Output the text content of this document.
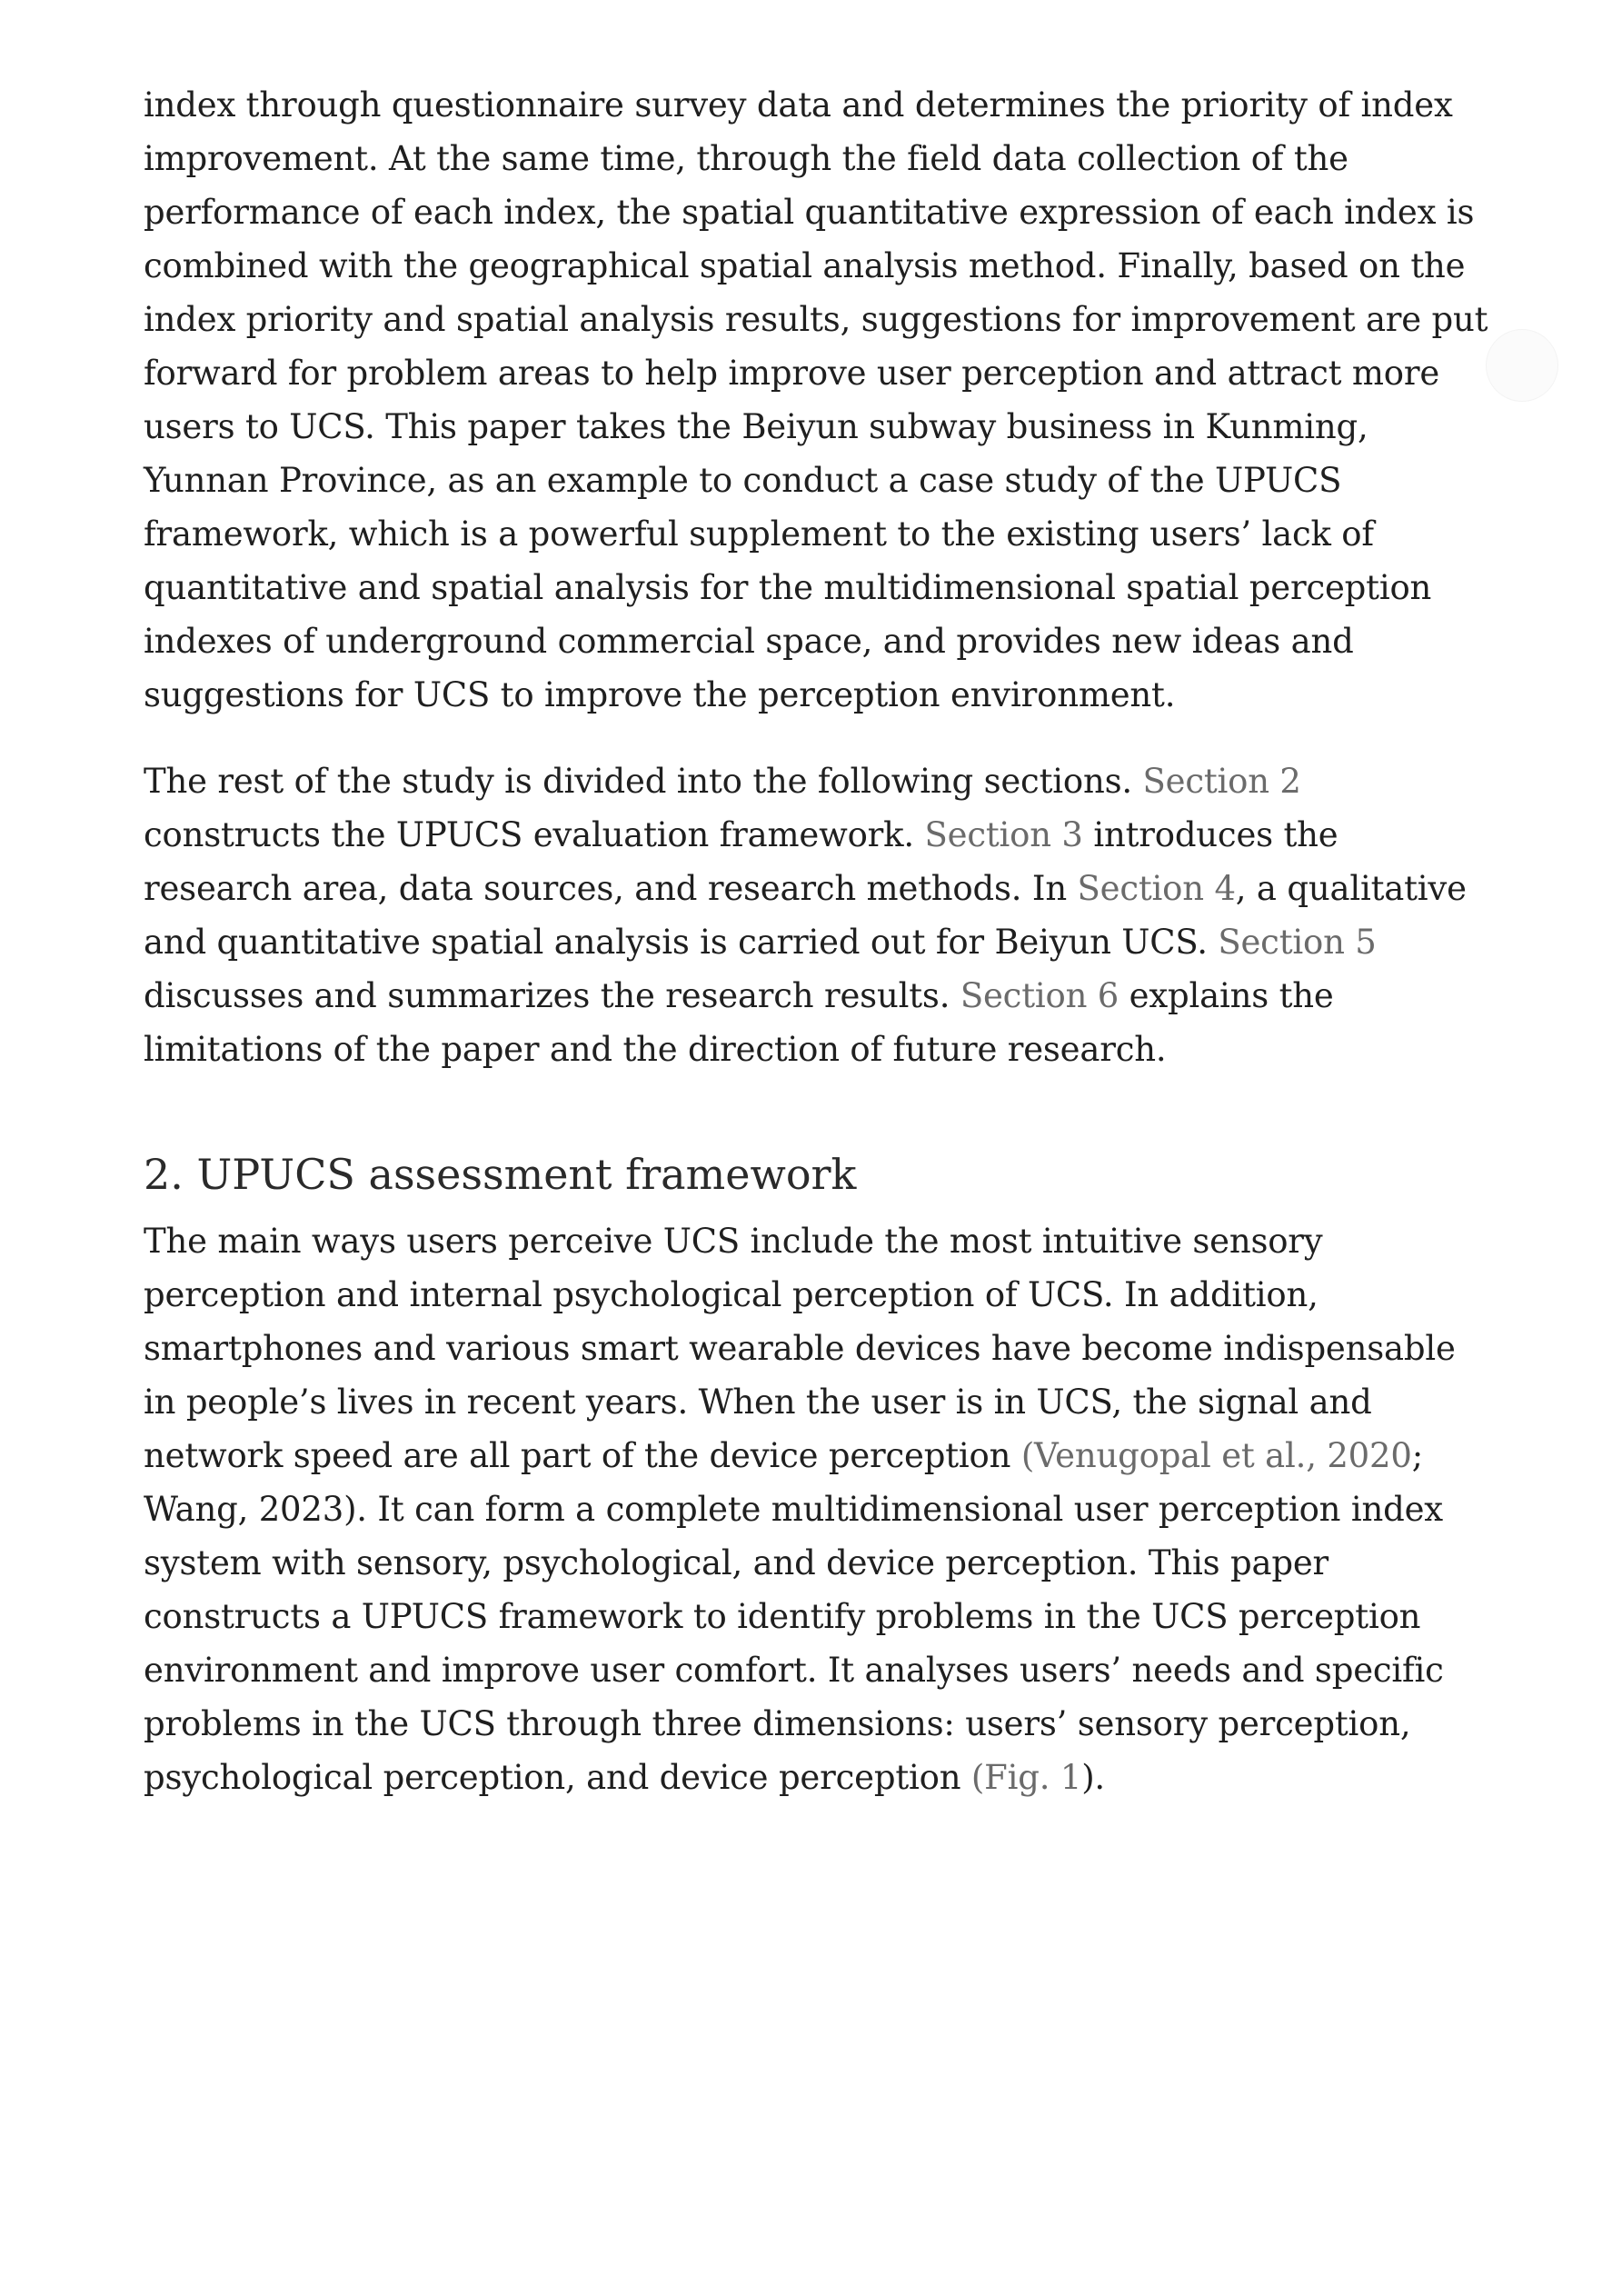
index through questionnaire survey data and determines the priority of index improvement. At the same time, through the field data collection of the performance of each index, the spatial quantitative expression of each index is combined with the geographical spatial analysis method. Finally, based on the index priority and spatial analysis results, suggestions for improvement are put forward for problem areas to help improve user perception and attract more users to UCS. This paper takes the Beiyun subway business in Kunming, Yunnan Province, as an example to conduct a case study of the UPUCS framework, which is a powerful supplement to the existing users’ lack of quantitative and spatial analysis for the multidimensional spatial perception indexes of underground commercial space, and provides new ideas and suggestions for UCS to improve the perception environment.

The rest of the study is divided into the following sections. Section 2 constructs the UPUCS evaluation framework. Section 3 introduces the research area, data sources, and research methods. In Section 4, a qualitative and quantitative spatial analysis is carried out for Beiyun UCS. Section 5 discusses and summarizes the research results. Section 6 explains the limitations of the paper and the direction of future research.

2. UPUCS assessment framework

The main ways users perceive UCS include the most intuitive sensory perception and internal psychological perception of UCS. In addition, smartphones and various smart wearable devices have become indispensable in people’s lives in recent years. When the user is in UCS, the signal and network speed are all part of the device perception (Venugopal et al., 2020; Wang, 2023). It can form a complete multidimensional user perception index system with sensory, psychological, and device perception. This paper constructs a UPUCS framework to identify problems in the UCS perception environment and improve user comfort. It analyses users’ needs and specific problems in the UCS through three dimensions: users’ sensory perception, psychological perception, and device perception (Fig. 1).
